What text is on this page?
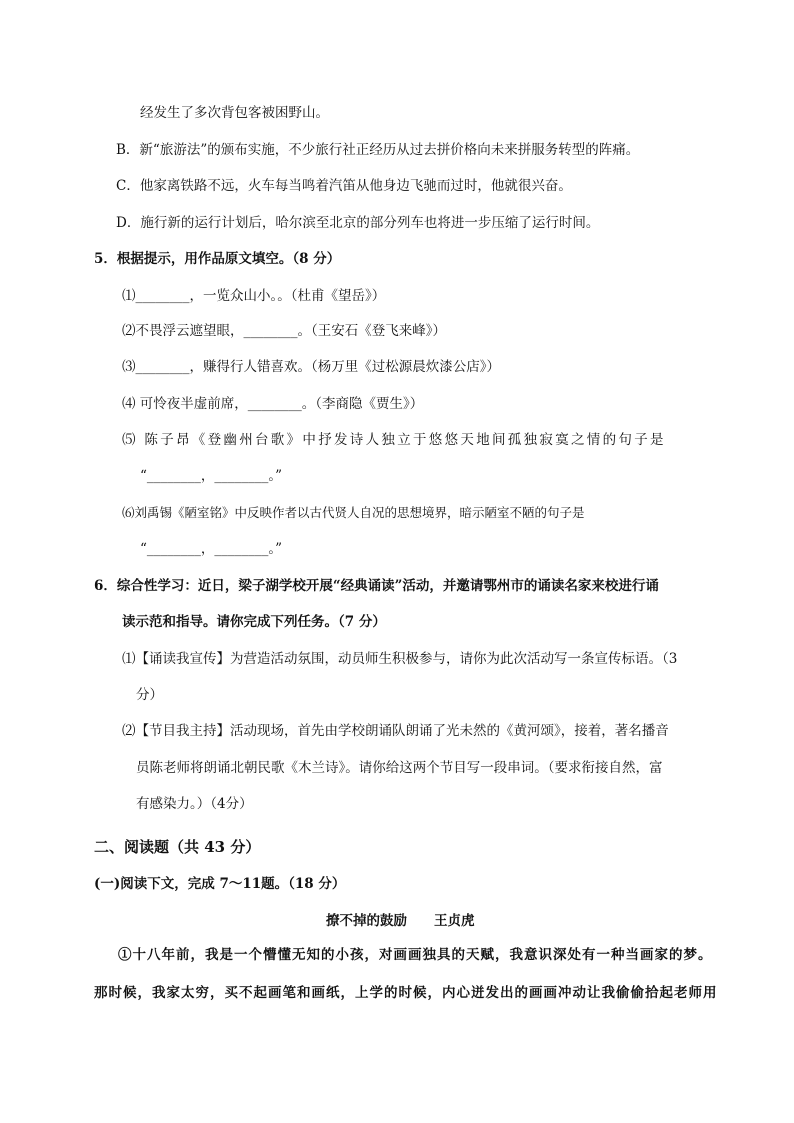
经发生了多次背包客被困野山。
B．新“旅游法”的颁布实施，不少旅行社正经历从过去拼价格向未来拼服务转型的阵痛。
C．他家离铁路不远，火车每当鸣着汽笛从他身边飞驰而过时，他就很兴奋。
D．施行新的运行计划后，哈尔滨至北京的部分列车也将进一步压缩了运行时间。
5．根据提示，用作品原文填空。（8 分）
⑴________，一览众山小。。（杜甫《望岳》）
⑵不畏浮云遮望眼，________。（王安石《登飞来峰》）
⑶________，赚得行人错喜欢。（杨万里《过松源晨炊漆公店》）
⑷ 可怜夜半虚前席，________。（李商隐《贾生》）
⑸ 陈子昂《登幽州台歌》中抒发诗人独立于悠悠天地间孤独寂寞之情的句子是
“________，________。”
⑹刘禹锡《陋室铭》中反映作者以古代贤人自况的思想境界，暗示陋室不陋的句子是
“________，________。”
6．综合性学习：近日，梁子湖学校开展“经典诵读”活动，并邀请鄂州市的诵读名家来校进行诵
读示范和指导。请你完成下列任务。（7 分）
⑴【诵读我宣传】为营造活动氛围，动员师生积极参与，请你为此次活动写一条宣传标语。（3
分）
⑵【节目我主持】活动现场，首先由学校朗诵队朗诵了光未然的《黄河颂》，接着，著名播音
员陈老师将朗诵北朝民歌《木兰诗》。请你给这两个节目写一段串词。（要求衔接自然，富
有感染力。）（4分）
二、阅读题（共 43 分）
(一)阅读下文，完成 7～11题。（18 分）
撩不掉的鼓励　　王贞虎
①十八年前，我是一个懵懂无知的小孩，对画画独具的天赋，我意识深处有一种当画家的梦。
那时候，我家太穷，买不起画笔和画纸，上学的时候，内心迸发出的画画冲动让我偷偷拾起老师用
